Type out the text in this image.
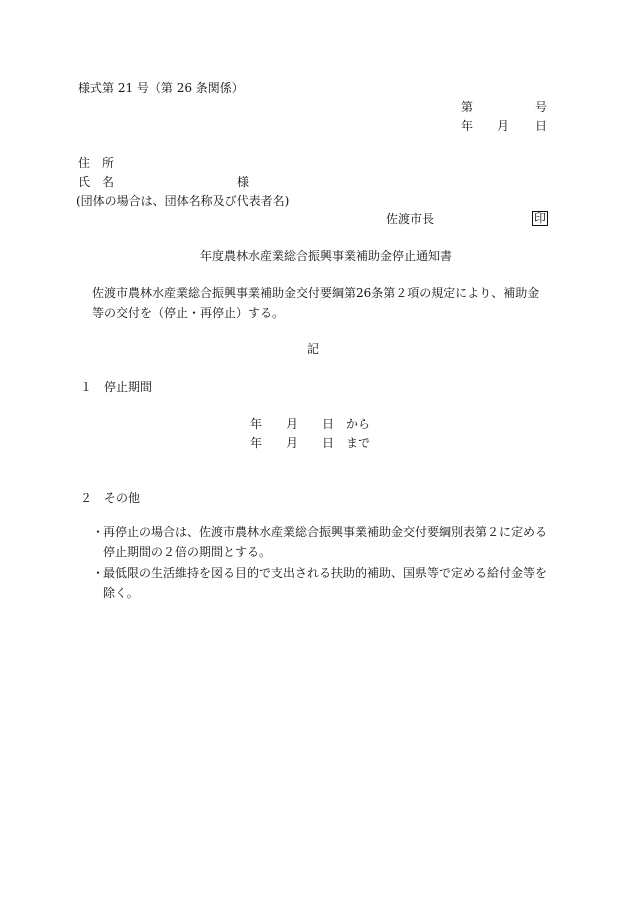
様式第 21 号（第 26 条関係）
第	号
年 月 日
住　所
氏　名	様
(団体の場合は、団体名称及び代表者名)
佐渡市長	印
年度農林水産業総合振興事業補助金停止通知書
佐渡市農林水産業総合振興事業補助金交付要綱第26条第２項の規定により、補助金等の交付を（停止・再停止）する。
記
１　停止期間
年　　月　　日　から
年　　月　　日　まで
２　その他
・
再停止の場合は、佐渡市農林水産業総合振興事業補助金交付要綱別表第２に定める停止期間の２倍の期間とする。
・
最低限の生活維持を図る目的で支出される扶助的補助、国県等で定める給付金等を除く。
